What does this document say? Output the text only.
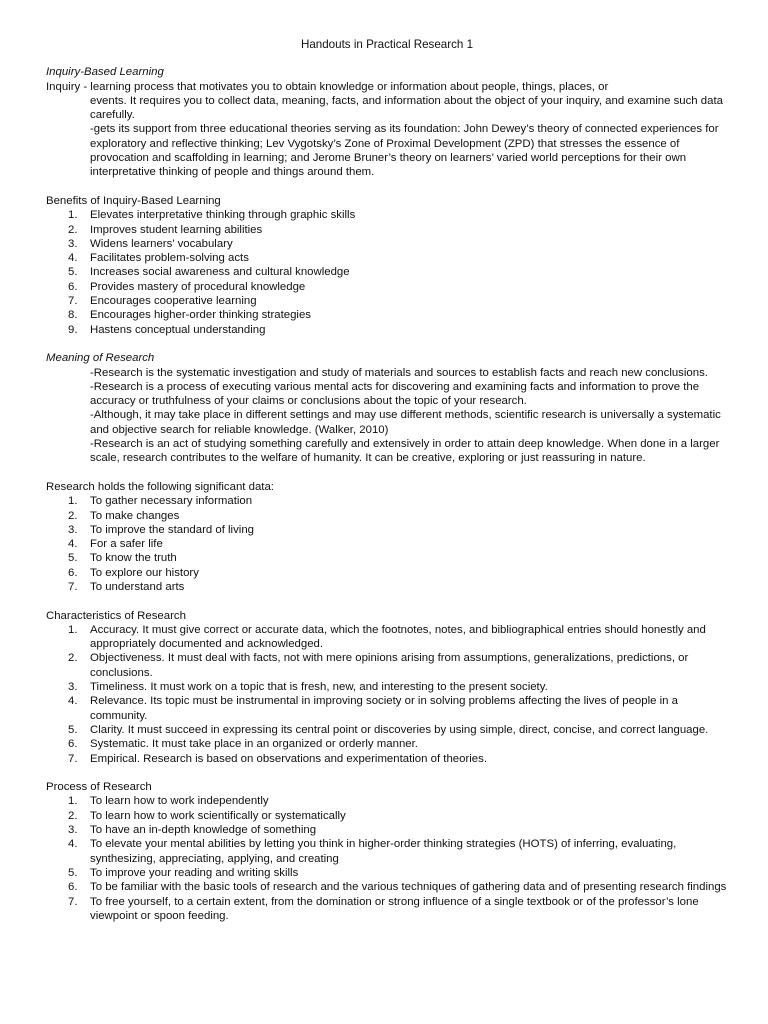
Handouts in Practical Research 1
Inquiry-Based Learning
Inquiry - learning process that motivates you to obtain knowledge or information about people, things, places, or
events. It requires you to collect data, meaning, facts, and information about the object of your inquiry, and examine such data carefully.
-gets its support from three educational theories serving as its foundation: John Dewey’s theory of connected experiences for exploratory and reflective thinking; Lev Vygotsky’s Zone of Proximal Development (ZPD) that stresses the essence of provocation and scaffolding in learning; and Jerome Bruner’s theory on learners’ varied world perceptions for their own interpretative thinking of people and things around them.
Benefits of Inquiry-Based Learning
1. Elevates interpretative thinking through graphic skills
2. Improves student learning abilities
3. Widens learners’ vocabulary
4. Facilitates problem-solving acts
5. Increases social awareness and cultural knowledge
6. Provides mastery of procedural knowledge
7. Encourages cooperative learning
8. Encourages higher-order thinking strategies
9. Hastens conceptual understanding
Meaning of Research
-Research is the systematic investigation and study of materials and sources to establish facts and reach new conclusions.
-Research is a process of executing various mental acts for discovering and examining facts and information to prove the accuracy or truthfulness of your claims or conclusions about the topic of your research.
-Although, it may take place in different settings and may use different methods, scientific research is universally a systematic and objective search for reliable knowledge. (Walker, 2010)
-Research is an act of studying something carefully and extensively in order to attain deep knowledge. When done in a larger scale, research contributes to the welfare of humanity. It can be creative, exploring or just reassuring in nature.
Research holds the following significant data:
1. To gather necessary information
2. To make changes
3. To improve the standard of living
4. For a safer life
5. To know the truth
6. To explore our history
7. To understand arts
Characteristics of Research
1. Accuracy. It must give correct or accurate data, which the footnotes, notes, and bibliographical entries should honestly and appropriately documented and acknowledged.
2. Objectiveness. It must deal with facts, not with mere opinions arising from assumptions, generalizations, predictions, or conclusions.
3. Timeliness. It must work on a topic that is fresh, new, and interesting to the present society.
4. Relevance. Its topic must be instrumental in improving society or in solving problems affecting the lives of people in a community.
5. Clarity. It must succeed in expressing its central point or discoveries by using simple, direct, concise, and correct language.
6. Systematic. It must take place in an organized or orderly manner.
7. Empirical. Research is based on observations and experimentation of theories.
Process of Research
1. To learn how to work independently
2. To learn how to work scientifically or systematically
3. To have an in-depth knowledge of something
4. To elevate your mental abilities by letting you think in higher-order thinking strategies (HOTS) of inferring, evaluating, synthesizing, appreciating, applying, and creating
5. To improve your reading and writing skills
6. To be familiar with the basic tools of research and the various techniques of gathering data and of presenting research findings
7. To free yourself, to a certain extent, from the domination or strong influence of a single textbook or of the professor’s lone viewpoint or spoon feeding.
